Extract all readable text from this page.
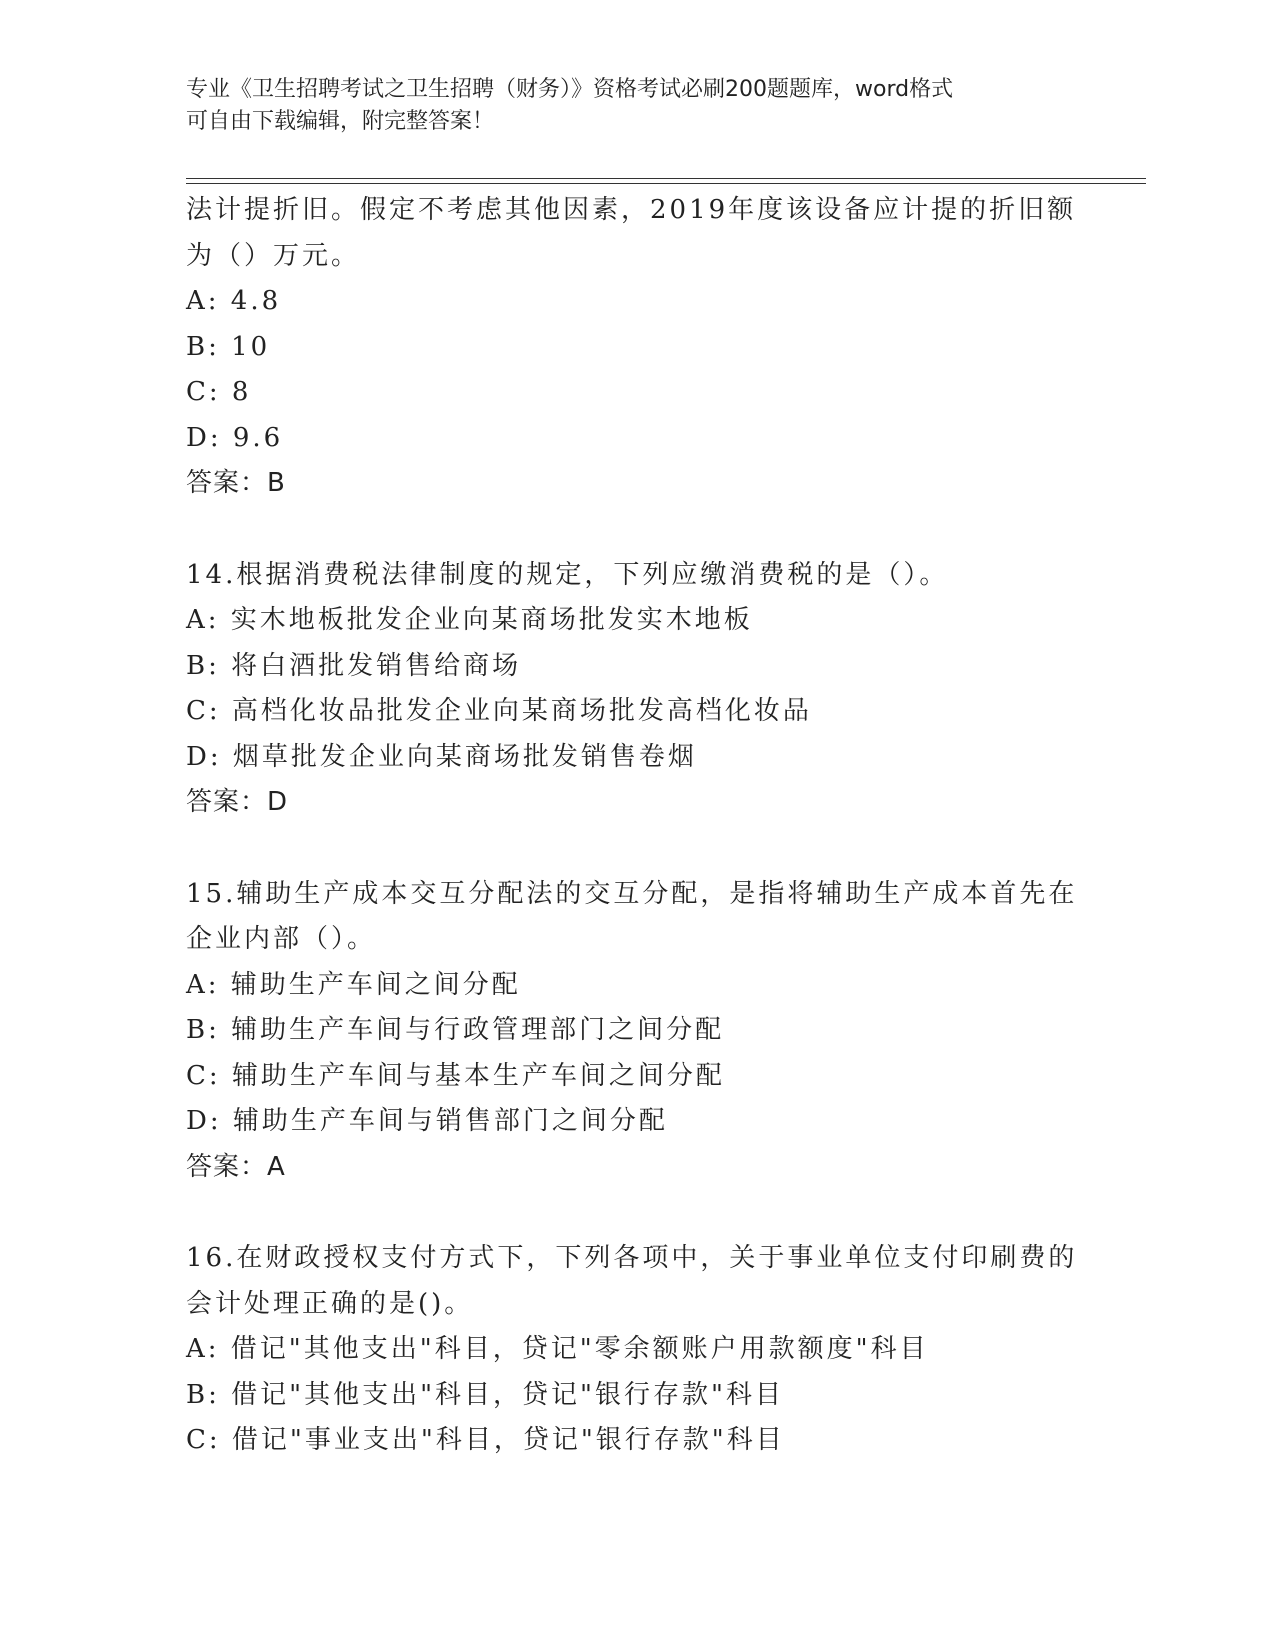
专业《卫生招聘考试之卫生招聘（财务）》资格考试必刷200题题库，word格式
可自由下载编辑，附完整答案！
法计提折旧。假定不考虑其他因素，2019年度该设备应计提的折旧额
为（）万元。
A: 4.8
B: 10
C: 8
D: 9.6
答案：B
14.根据消费税法律制度的规定，下列应缴消费税的是（）。
A: 实木地板批发企业向某商场批发实木地板
B: 将白酒批发销售给商场
C: 高档化妆品批发企业向某商场批发高档化妆品
D: 烟草批发企业向某商场批发销售卷烟
答案：D
15.辅助生产成本交互分配法的交互分配，是指将辅助生产成本首先在
企业内部（）。
A: 辅助生产车间之间分配
B: 辅助生产车间与行政管理部门之间分配
C: 辅助生产车间与基本生产车间之间分配
D: 辅助生产车间与销售部门之间分配
答案：A
16.在财政授权支付方式下，下列各项中，关于事业单位支付印刷费的
会计处理正确的是()。
A: 借记"其他支出"科目，贷记"零余额账户用款额度"科目
B: 借记"其他支出"科目，贷记"银行存款"科目
C: 借记"事业支出"科目，贷记"银行存款"科目
